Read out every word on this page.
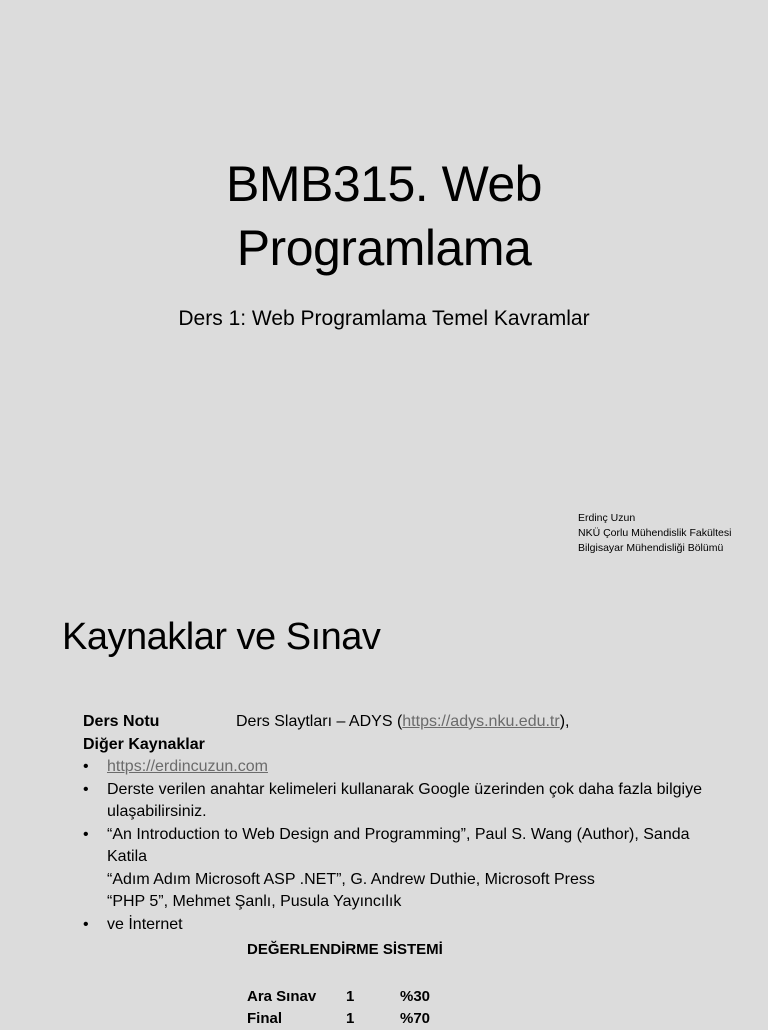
BMB315. Web
Programlama
Ders 1: Web Programlama Temel Kavramlar
Erdinç Uzun
NKÜ Çorlu Mühendislik Fakültesi
Bilgisayar Mühendisliği Bölümü
Kaynaklar ve Sınav
Ders Notu	Ders Slaytları – ADYS (https://adys.nku.edu.tr),
Diğer Kaynaklar
• https://erdincuzun.com
• Derste verilen anahtar kelimeleri kullanarak Google üzerinden çok daha fazla bilgiye ulaşabilirsiniz.
• “An Introduction to Web Design and Programming”, Paul S. Wang (Author), Sanda Katila
“Adım Adım Microsoft ASP .NET”, G. Andrew Duthie, Microsoft Press
“PHP 5”, Mehmet Şanlı, Pusula Yayıncılık
• ve İnternet
DEĞERLENDİRME SİSTEMİ
Ara Sınav 1	%30
Final	1	%70
